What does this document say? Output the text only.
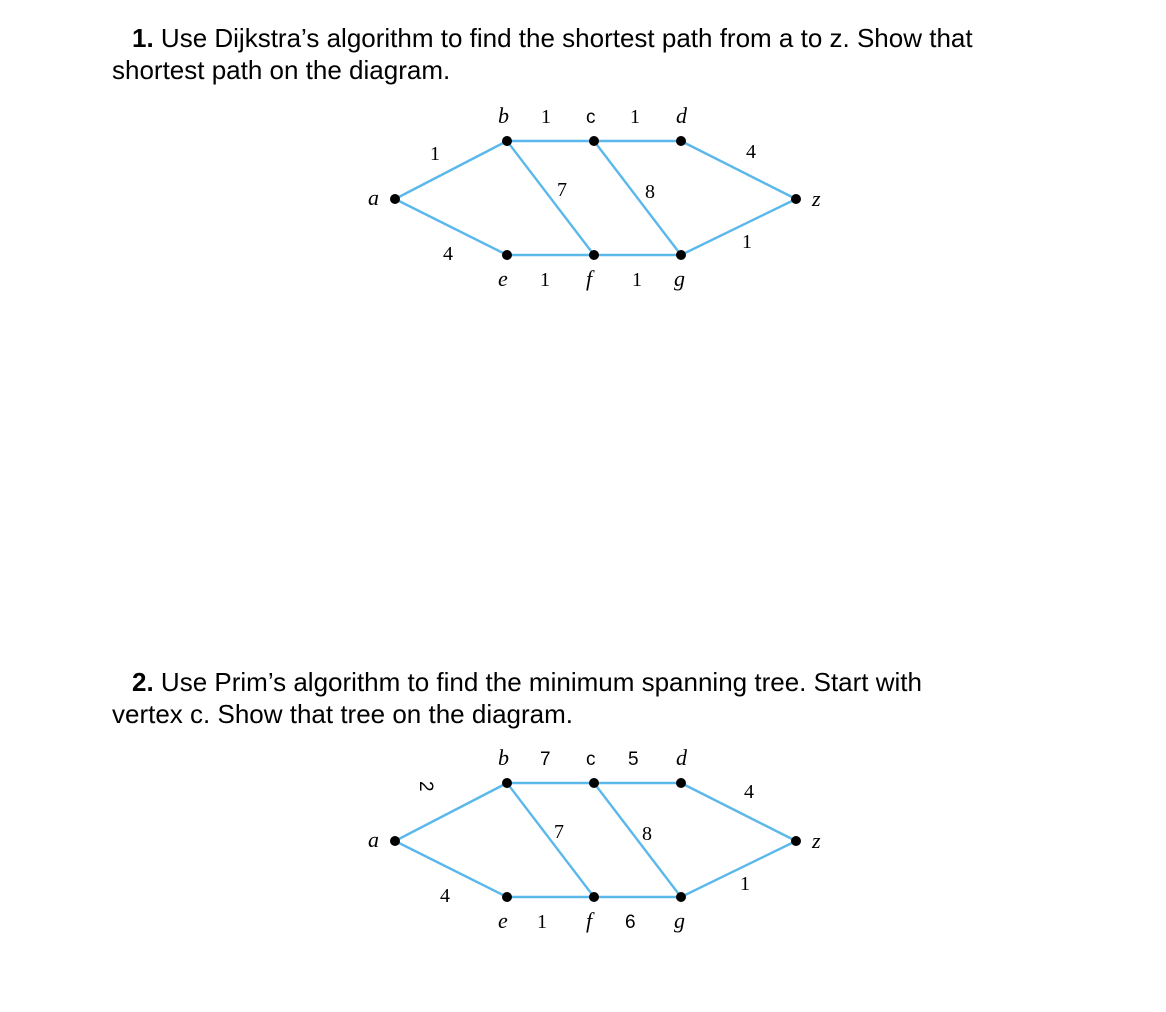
1. Use Dijkstra’s algorithm to find the shortest path from a to z. Show that
shortest path on the diagram.

a
b	c	d
e	f	g
z
1
4
1	1
7	8
4
1	1
1

2. Use Prim’s algorithm to find the minimum spanning tree. Start with
vertex c. Show that tree on the diagram.

a
b	c	d
e	f	g
z
2
4
7	5
7	8
4
1	6
1
